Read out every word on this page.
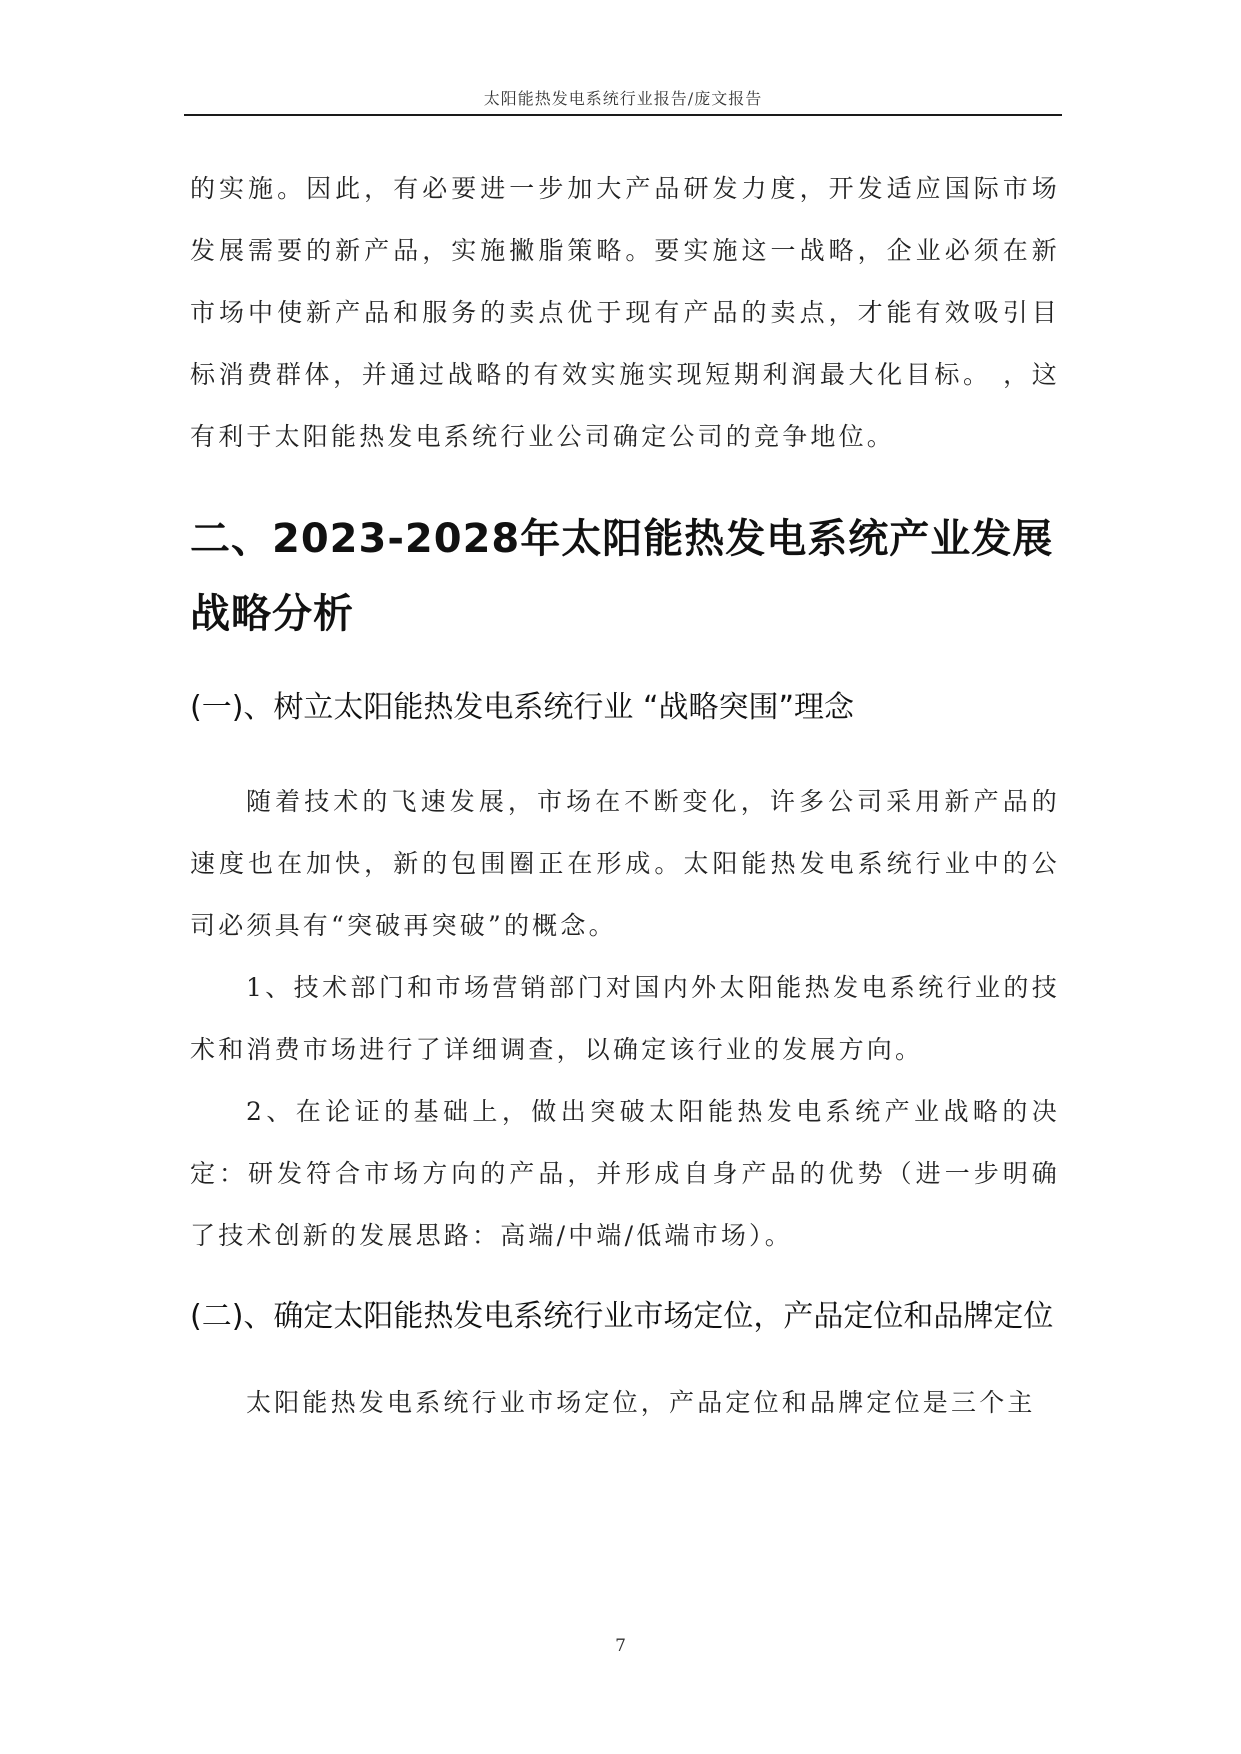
太阳能热发电系统行业报告/庞文报告

的实施。因此，有必要进一步加大产品研发力度，开发适应国际市场发展需要的新产品，实施撇脂策略。要实施这一战略，企业必须在新市场中使新产品和服务的卖点优于现有产品的卖点，才能有效吸引目标消费群体，并通过战略的有效实施实现短期利润最大化目标。 ，这有利于太阳能热发电系统行业公司确定公司的竞争地位。

二、2023-2028年太阳能热发电系统产业发展战略分析
(一)、树立太阳能热发电系统行业 “战略突围”理念

随着技术的飞速发展，市场在不断变化，许多公司采用新产品的速度也在加快，新的包围圈正在形成。太阳能热发电系统行业中的公司必须具有“突破再突破”的概念。

1、技术部门和市场营销部门对国内外太阳能热发电系统行业的技术和消费市场进行了详细调查，以确定该行业的发展方向。

2、在论证的基础上，做出突破太阳能热发电系统产业战略的决定：研发符合市场方向的产品，并形成自身产品的优势（进一步明确了技术创新的发展思路：高端/中端/低端市场）。

(二)、确定太阳能热发电系统行业市场定位，产品定位和品牌定位

太阳能热发电系统行业市场定位，产品定位和品牌定位是三个主

7
